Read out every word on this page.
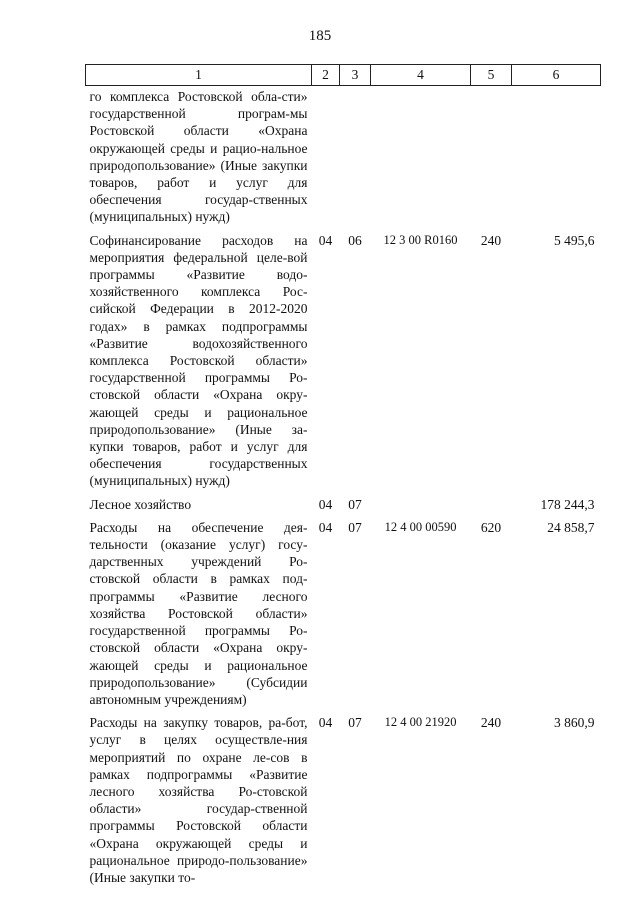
185
1	2	3	4	5	6
го комплекса Ростовской обла-сти» государственной програм-мы Ростовской области «Охрана окружающей среды и рацио-нальное природопользование» (Иные закупки товаров, работ и услуг для обеспечения государ-ственных (муниципальных) нужд)					
Софинансирование расходов на мероприятия федеральной целе-вой программы «Развитие водо-хозяйственного комплекса Рос-сийской Федерации в 2012-2020 годах» в рамках подпрограммы «Развитие водохозяйственного комплекса Ростовской области» государственной программы Ро-стовской области «Охрана окру-жающей среды и рациональное природопользование» (Иные за-купки товаров, работ и услуг для обеспечения государственных (муниципальных) нужд)	04	06	12 3 00 R0160	240	5 495,6
Лесное хозяйство	04	07			178 244,3
Расходы на обеспечение дея-тельности (оказание услуг) госу-дарственных учреждений Ро-стовской области в рамках под-программы «Развитие лесного хозяйства Ростовской области» государственной программы Ро-стовской области «Охрана окру-жающей среды и рациональное природопользование» (Субсидии автономным учреждениям)	04	07	12 4 00 00590	620	24 858,7
Расходы на закупку товаров, ра-бот, услуг в целях осуществле-ния мероприятий по охране ле-сов в рамках подпрограммы «Развитие лесного хозяйства Ро-стовской области» государ-ственной программы Ростовской области «Охрана окружающей среды и рациональное природо-пользование» (Иные закупки то-	04	07	12 4 00 21920	240	3 860,9
